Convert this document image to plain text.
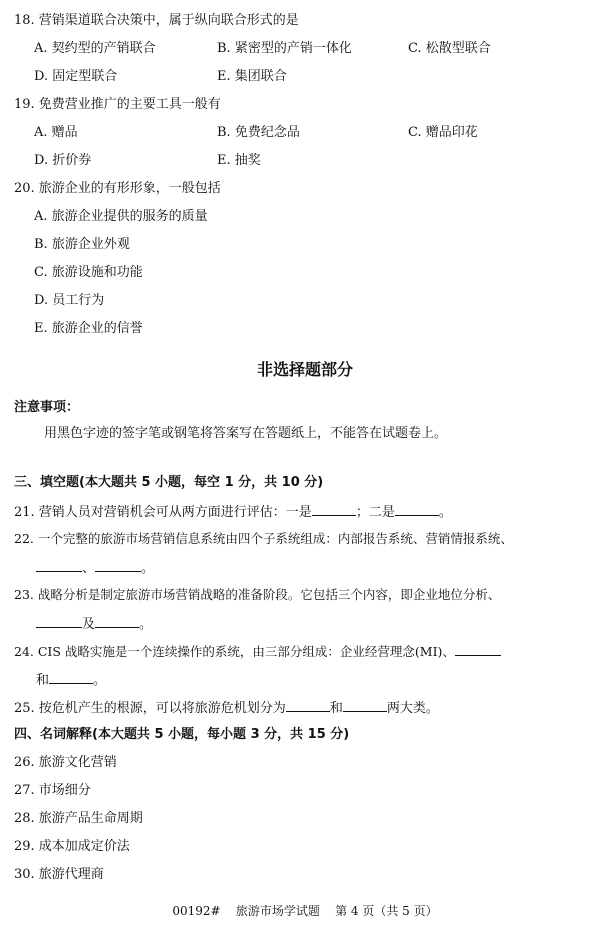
18. 营销渠道联合决策中，属于纵向联合形式的是
A. 契约型的产销联合	B. 紧密型的产销一体化	C. 松散型联合
D. 固定型联合	E. 集团联合
19. 免费营业推广的主要工具一般有
A. 赠品	B. 免费纪念品	C. 赠品印花
D. 折价券	E. 抽奖
20. 旅游企业的有形形象，一般包括
A. 旅游企业提供的服务的质量
B. 旅游企业外观
C. 旅游设施和功能
D. 员工行为
E. 旅游企业的信誉
非选择题部分
注意事项：
用黑色字迹的签字笔或钢笔将答案写在答题纸上，不能答在试题卷上。
三、填空题(本大题共 5 小题，每空 1 分，共 10 分)
21. 营销人员对营销机会可从两方面进行评估：一是	；二是	。
22. 一个完整的旅游市场营销信息系统由四个子系统组成：内部报告系统、营销情报系统、
、	。
23. 战略分析是制定旅游市场营销战略的准备阶段。它包括三个内容，即企业地位分析、
及	。
24. CIS 战略实施是一个连续操作的系统，由三部分组成：企业经营理念(MI)、
和	。
25. 按危机产生的根源，可以将旅游危机划分为	和	两大类。
四、名词解释(本大题共 5 小题，每小题 3 分，共 15 分)
26. 旅游文化营销
27. 市场细分
28. 旅游产品生命周期
29. 成本加成定价法
30. 旅游代理商
00192#    旅游市场学试题    第 4 页（共 5 页）
